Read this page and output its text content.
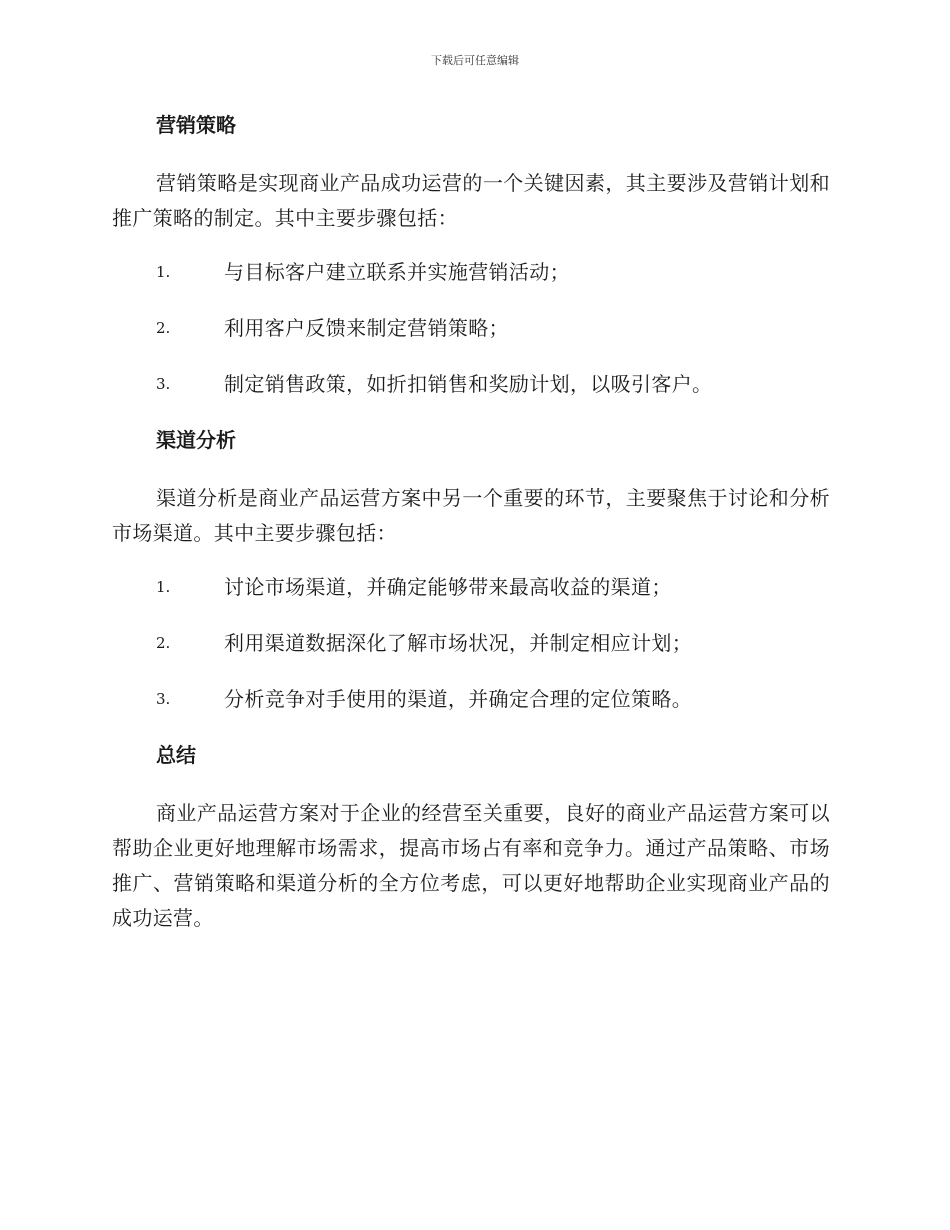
下载后可任意编辑
营销策略

营销策略是实现商业产品成功运营的一个关键因素，其主要涉及营销计划和推广策略的制定。其中主要步骤包括：

1.	与目标客户建立联系并实施营销活动；
2.	利用客户反馈来制定营销策略；
3.	制定销售政策，如折扣销售和奖励计划，以吸引客户。
渠道分析

渠道分析是商业产品运营方案中另一个重要的环节，主要聚焦于讨论和分析市场渠道。其中主要步骤包括：

1.	讨论市场渠道，并确定能够带来最高收益的渠道；
2.	利用渠道数据深化了解市场状况，并制定相应计划；
3.	分析竞争对手使用的渠道，并确定合理的定位策略。
总结

商业产品运营方案对于企业的经营至关重要，良好的商业产品运营方案可以帮助企业更好地理解市场需求，提高市场占有率和竞争力。通过产品策略、市场推广、营销策略和渠道分析的全方位考虑，可以更好地帮助企业实现商业产品的成功运营。
